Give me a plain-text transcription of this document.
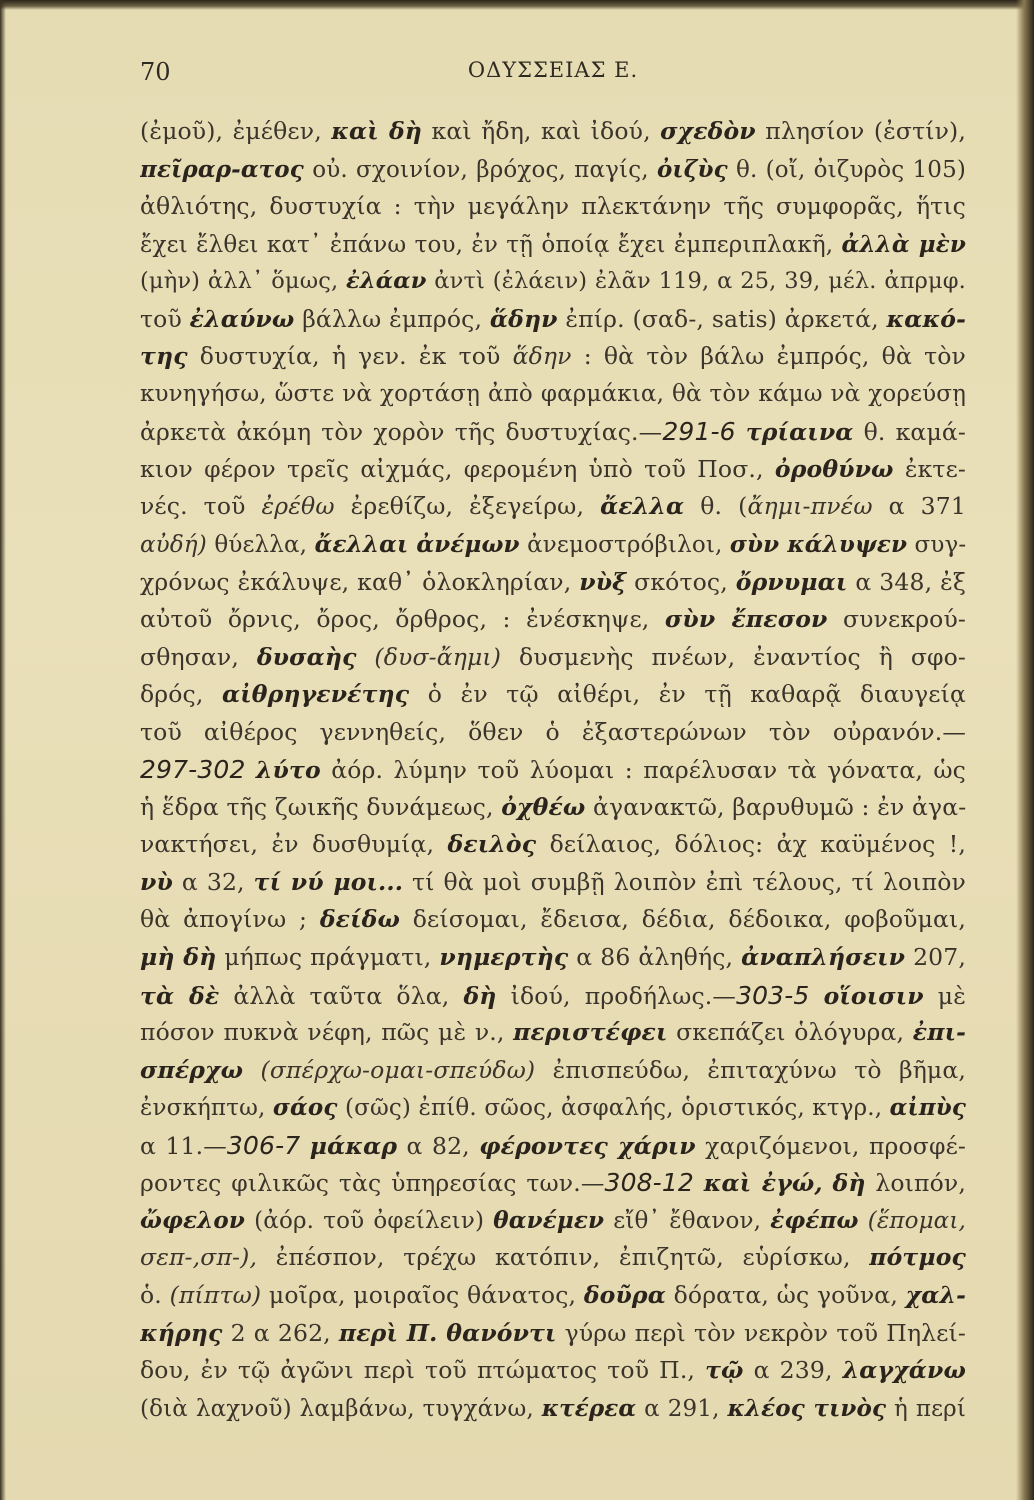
70	ΟΔΥΣΣΕΙΑΣ Ε.
(ἐμοῦ), ἐμέθεν, καὶ δὴ καὶ ἤδη, καὶ ἰδού, σχεδὸν πλησίον (ἐστίν),
πεῖραρ-ατος οὐ. σχοινίον, βρόχος, παγίς, ὀιζὺς θ. (οἴ, ὀιζυρὸς 105)
ἀθλιότης, δυστυχία : τὴν μεγάλην πλεκτάνην τῆς συμφορᾶς, ἥτις
ἔχει ἔλθει κατ᾽ ἐπάνω του, ἐν τῇ ὁποίᾳ ἔχει ἐμπεριπλακῆ, ἀλλὰ μὲν
(μὴν) ἀλλ᾽ ὅμως, ἐλάαν ἀντὶ (ἐλάειν) ἐλᾶν 119, α 25, 39, μέλ. ἀπρμφ.
τοῦ ἐλαύνω βάλλω ἐμπρός, ἅδην ἐπίρ. (σαδ-, satis) ἀρκετά, κακό-
της δυστυχία, ἡ γεν. ἐκ τοῦ ἅδην : θὰ τὸν βάλω ἐμπρός, θὰ τὸν
κυνηγήσω, ὥστε νὰ χορτάσῃ ἀπὸ φαρμάκια, θὰ τὸν κάμω νὰ χορεύσῃ
ἀρκετὰ ἀκόμη τὸν χορὸν τῆς δυστυχίας.—291-6 τρίαινα θ. καμά-
κιον φέρον τρεῖς αἰχμάς, φερομένη ὑπὸ τοῦ Ποσ., ὀροθύνω ἐκτε-
νές. τοῦ ἐρέθω ἐρεθίζω, ἐξεγείρω, ἄελλα θ. (ἄημι-πνέω α 371
αὐδή) θύελλα, ἄελλαι ἀνέμων ἀνεμοστρόβιλοι, σὺν κάλυψεν συγ-
χρόνως ἐκάλυψε, καθ᾽ ὁλοκληρίαν, νὺξ σκότος, ὄρνυμαι α 348, ἐξ
αὐτοῦ ὄρνις, ὄρος, ὄρθρος, : ἐνέσκηψε, σὺν ἔπεσον συνεκρού-
σθησαν, δυσαὴς (δυσ-ἄημι) δυσμενὴς πνέων, ἐναντίος ἢ σφο-
δρός, αἰθρηγενέτης ὁ ἐν τῷ αἰθέρι, ἐν τῇ καθαρᾷ διαυγείᾳ
τοῦ αἰθέρος γεννηθείς, ὅθεν ὁ ἐξαστερώνων τὸν οὐρανόν.—
297-302 λύτο ἀόρ. λύμην τοῦ λύομαι : παρέλυσαν τὰ γόνατα, ὡς
ἡ ἕδρα τῆς ζωικῆς δυνάμεως, ὀχθέω ἀγανακτῶ, βαρυθυμῶ : ἐν ἀγα-
νακτήσει, ἐν δυσθυμίᾳ, δειλὸς δείλαιος, δόλιος: ἀχ καϋμένος !,
νὺ α 32, τί νύ μοι... τί θὰ μοὶ συμβῇ λοιπὸν ἐπὶ τέλους, τί λοιπὸν
θὰ ἀπογίνω ; δείδω δείσομαι, ἔδεισα, δέδια, δέδοικα, φοβοῦμαι,
μὴ δὴ μήπως πράγματι, νημερτὴς α 86 ἀληθής, ἀναπλήσειν 207,
τὰ δὲ ἀλλὰ ταῦτα ὅλα, δὴ ἰδού, προδήλως.—303-5 οἵοισιν μὲ
πόσον πυκνὰ νέφη, πῶς μὲ ν., περιστέφει σκεπάζει ὁλόγυρα, ἐπι-
σπέρχω (σπέρχω-ομαι-σπεύδω) ἐπισπεύδω, ἐπιταχύνω τὸ βῆμα,
ἐνσκήπτω, σάος (σῶς) ἐπίθ. σῶος, ἀσφαλής, ὁριστικός, κτγρ., αἰπὺς
α 11.—306-7 μάκαρ α 82, φέροντες χάριν χαριζόμενοι, προσφέ-
ροντες φιλικῶς τὰς ὑπηρεσίας των.—308-12 καὶ ἐγώ, δὴ λοιπόν,
ὤφελον (ἀόρ. τοῦ ὀφείλειν) θανέμεν εἴθ᾽ ἔθανον, ἐφέπω (ἕπομαι,
σεπ-,σπ-), ἐπέσπον, τρέχω κατόπιν, ἐπιζητῶ, εὑρίσκω, πότμος
ὁ. (πίπτω) μοῖρα, μοιραῖος θάνατος, δοῦρα δόρατα, ὡς γοῦνα, χαλ-
κήρης 2 α 262, περὶ Π. θανόντι γύρω περὶ τὸν νεκρὸν τοῦ Πηλεί-
δου, ἐν τῷ ἀγῶνι περὶ τοῦ πτώματος τοῦ Π., τῷ α 239, λαγχάνω
(διὰ λαχνοῦ) λαμβάνω, τυγχάνω, κτέρεα α 291, κλέος τινὸς ἡ περί
